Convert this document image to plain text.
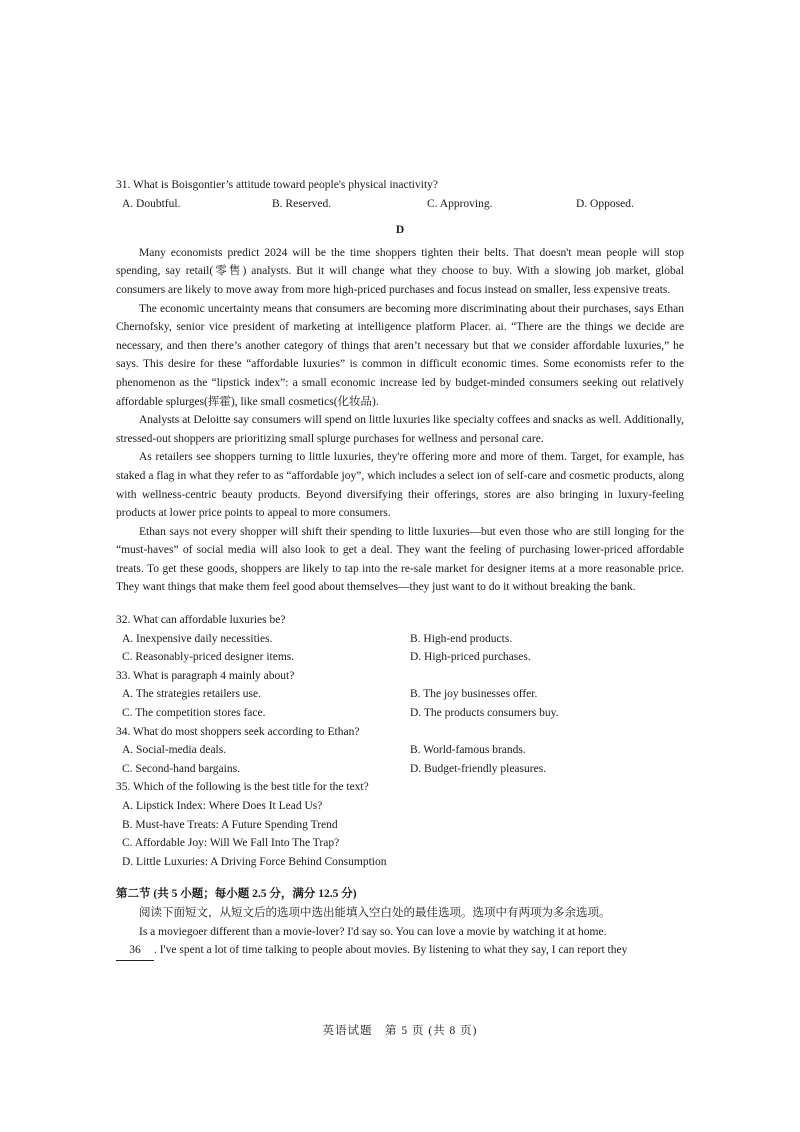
31. What is Boisgontier’s attitude toward people's physical inactivity?

A. Doubtful.	B. Reserved.	C. Approving.	D. Opposed.

D

Many economists predict 2024 will be the time shoppers tighten their belts. That doesn't mean people will stop spending, say retail(零售) analysts. But it will change what they choose to buy. With a slowing job market, global consumers are likely to move away from more high-priced purchases and focus instead on smaller, less expensive treats.

The economic uncertainty means that consumers are becoming more discriminating about their purchases, says Ethan Chernofsky, senior vice president of marketing at intelligence platform Placer. ai. “There are the things we decide are necessary, and then there’s another category of things that aren’t necessary but that we consider affordable luxuries,” he says. This desire for these “affordable luxuries” is common in difficult economic times. Some economists refer to the phenomenon as the “lipstick index”: a small economic increase led by budget-minded consumers seeking out relatively affordable splurges(挥霍), like small cosmetics(化妆品).

Analysts at Deloitte say consumers will spend on little luxuries like specialty coffees and snacks as well. Additionally, stressed-out shoppers are prioritizing small splurge purchases for wellness and personal care.

As retailers see shoppers turning to little luxuries, they're offering more and more of them. Target, for example, has staked a flag in what they refer to as “affordable joy”, which includes a select ion of self-care and cosmetic products, along with wellness-centric beauty products. Beyond diversifying their offerings, stores are also bringing in luxury-feeling products at lower price points to appeal to more consumers.

Ethan says not every shopper will shift their spending to little luxuries—but even those who are still longing for the “must-haves” of social media will also look to get a deal. They want the feeling of purchasing lower-priced affordable treats. To get these goods, shoppers are likely to tap into the re-sale market for designer items at a more reasonable price. They want things that make them feel good about themselves—they just want to do it without breaking the bank.

32. What can affordable luxuries be?

A. Inexpensive daily necessities.	B. High-end products.
C. Reasonably-priced designer items.	D. High-priced purchases.

33. What is paragraph 4 mainly about?

A. The strategies retailers use.	B. The joy businesses offer.
C. The competition stores face.	D. The products consumers buy.

34. What do most shoppers seek according to Ethan?

A. Social-media deals.	B. World-famous brands.
C. Second-hand bargains.	D. Budget-friendly pleasures.

35. Which of the following is the best title for the text?

A. Lipstick Index: Where Does It Lead Us?

B. Must-have Treats: A Future Spending Trend

C. Affordable Joy: Will We Fall Into The Trap?

D. Little Luxuries: A Driving Force Behind Consumption

第二节 (共 5 小题；每小题 2.5 分，满分 12.5 分)

阅读下面短文，从短文后的选项中选出能填入空白处的最佳选项。选项中有两项为多余选项。

Is a moviegoer different than a movie-lover? I'd say so. You can love a movie by watching it at home.

36 . I've spent a lot of time talking to people about movies. By listening to what they say, I can report they

英语试题　第 5 页 (共 8 页)
